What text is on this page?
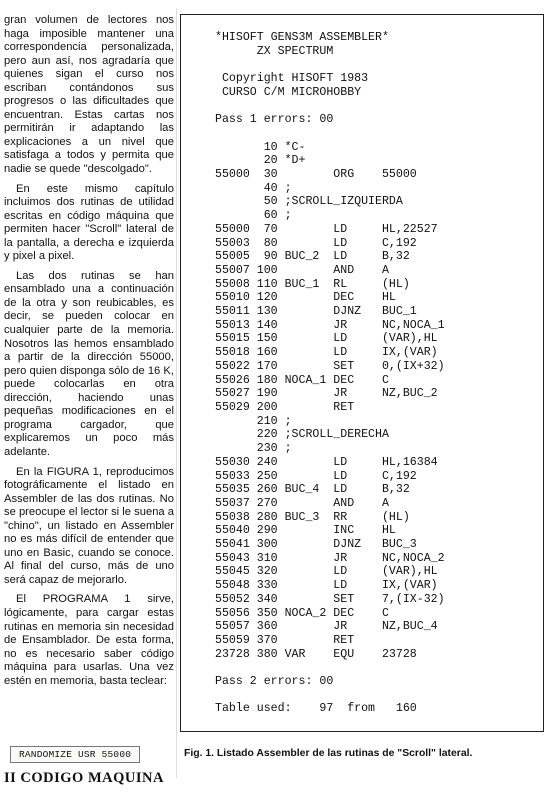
gran volumen de lectores nos haga imposible mantener una correspondencia personalizada, pero aun así, nos agradaría que quienes sigan el curso nos escriban contándonos sus progresos o las dificultades que encuentran. Estas cartas nos permitirán ir adaptando las explicaciones a un nivel que satisfaga a todos y permita que nadie se quede "descolgado".

En este mismo capítulo incluimos dos rutinas de utilidad escritas en código máquina que permiten hacer "Scroll" lateral de la pantalla, a derecha e izquierda y pixel a pixel.

Las dos rutinas se han ensamblado una a continuación de la otra y son reubicables, es decir, se pueden colocar en cualquier parte de la memoria. Nosotros las hemos ensamblado a partir de la dirección 55000, pero quien disponga sólo de 16 K, puede colocarlas en otra dirección, haciendo unas pequeñas modificaciones en el programa cargador, que explicaremos un poco más adelante.

En la FIGURA 1, reproducimos fotográficamente el listado en Assembler de las dos rutinas. No se preocupe el lector si le suena a "chino", un listado en Assembler no es más difícil de entender que uno en Basic, cuando se conoce. Al final del curso, más de uno será capaz de mejorarlo.

El PROGRAMA 1 sirve, lógicamente, para cargar estas rutinas en memoria sin necesidad de Ensamblador. De esta forma, no es necesario saber código máquina para usarlas. Una vez estén en memoria, basta teclear:

RANDOMIZE USR 55000
II CODIGO MAQUINA
*HISOFT GENS3M ASSEMBLER*
ZX SPECTRUM

Copyright HISOFT 1983
CURSO C/M MICROHOBBY

Pass 1 errors: 00

10 *C-
20 *D+
55000  30        ORG    55000
40 ;
50 ;SCROLL_IZQUIERDA
60 ;
55000  70        LD     HL,22527
55003  80        LD     C,192
55005  90 BUC_2  LD     B,32
55007 100        AND    A
55008 110 BUC_1  RL     (HL)
55010 120        DEC    HL
55011 130        DJNZ   BUC_1
55013 140        JR     NC,NOCA_1
55015 150        LD     (VAR),HL
55018 160        LD     IX,(VAR)
55022 170        SET    0,(IX+32)
55026 180 NOCA_1 DEC    C
55027 190        JR     NZ,BUC_2
55029 200        RET
210 ;
220 ;SCROLL_DERECHA
230 ;
55030 240        LD     HL,16384
55033 250        LD     C,192
55035 260 BUC_4  LD     B,32
55037 270        AND    A
55038 280 BUC_3  RR     (HL)
55040 290        INC    HL
55041 300        DJNZ   BUC_3
55043 310        JR     NC,NOCA_2
55045 320        LD     (VAR),HL
55048 330        LD     IX,(VAR)
55052 340        SET    7,(IX-32)
55056 350 NOCA_2 DEC    C
55057 360        JR     NZ,BUC_4
55059 370        RET
23728 380 VAR    EQU    23728

Pass 2 errors: 00

Table used:    97  from   160
Fig. 1. Listado Assembler de las rutinas de "Scroll" lateral.
